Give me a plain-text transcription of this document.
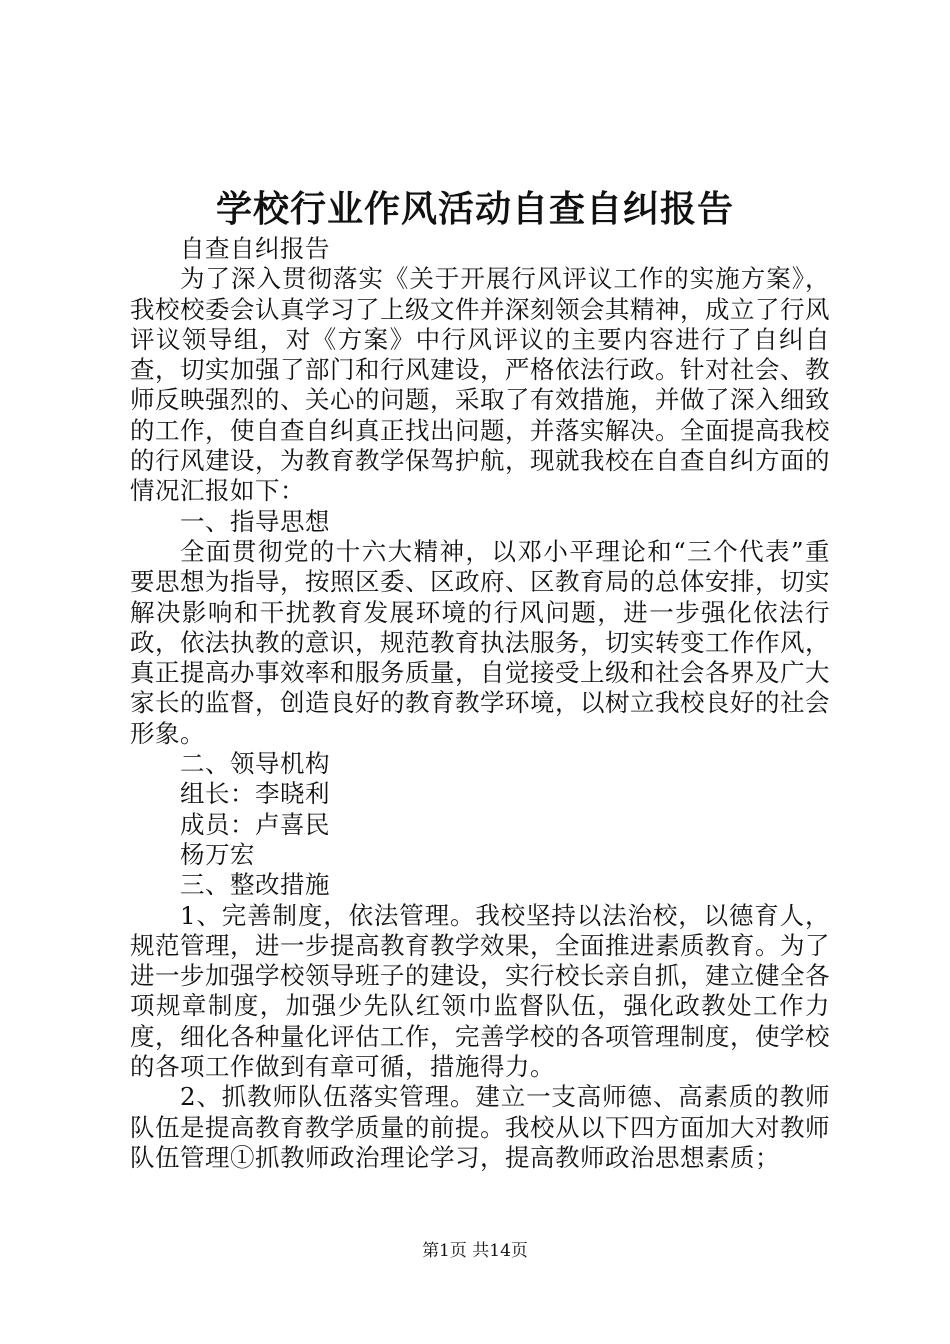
学校行业作风活动自查自纠报告

自查自纠报告

为了深入贯彻落实《关于开展行风评议工作的实施方案》，我校校委会认真学习了上级文件并深刻领会其精神，成立了行风评议领导组，对《方案》中行风评议的主要内容进行了自纠自查，切实加强了部门和行风建设，严格依法行政。针对社会、教师反映强烈的、关心的问题，采取了有效措施，并做了深入细致的工作，使自查自纠真正找出问题，并落实解决。全面提高我校的行风建设，为教育教学保驾护航，现就我校在自查自纠方面的情况汇报如下：

一、指导思想

全面贯彻党的十六大精神，以邓小平理论和“三个代表”重要思想为指导，按照区委、区政府、区教育局的总体安排，切实解决影响和干扰教育发展环境的行风问题，进一步强化依法行政，依法执教的意识，规范教育执法服务，切实转变工作作风，真正提高办事效率和服务质量，自觉接受上级和社会各界及广大家长的监督，创造良好的教育教学环境，以树立我校良好的社会形象。

二、领导机构

组长：李晓利

成员：卢喜民

杨万宏

三、整改措施

1、完善制度，依法管理。我校坚持以法治校，以德育人，规范管理，进一步提高教育教学效果，全面推进素质教育。为了进一步加强学校领导班子的建设，实行校长亲自抓，建立健全各项规章制度，加强少先队红领巾监督队伍，强化政教处工作力度，细化各种量化评估工作，完善学校的各项管理制度，使学校的各项工作做到有章可循，措施得力。

2、抓教师队伍落实管理。建立一支高师德、高素质的教师队伍是提高教育教学质量的前提。我校从以下四方面加大对教师队伍管理①抓教师政治理论学习，提高教师政治思想素质；

第1页 共14页
